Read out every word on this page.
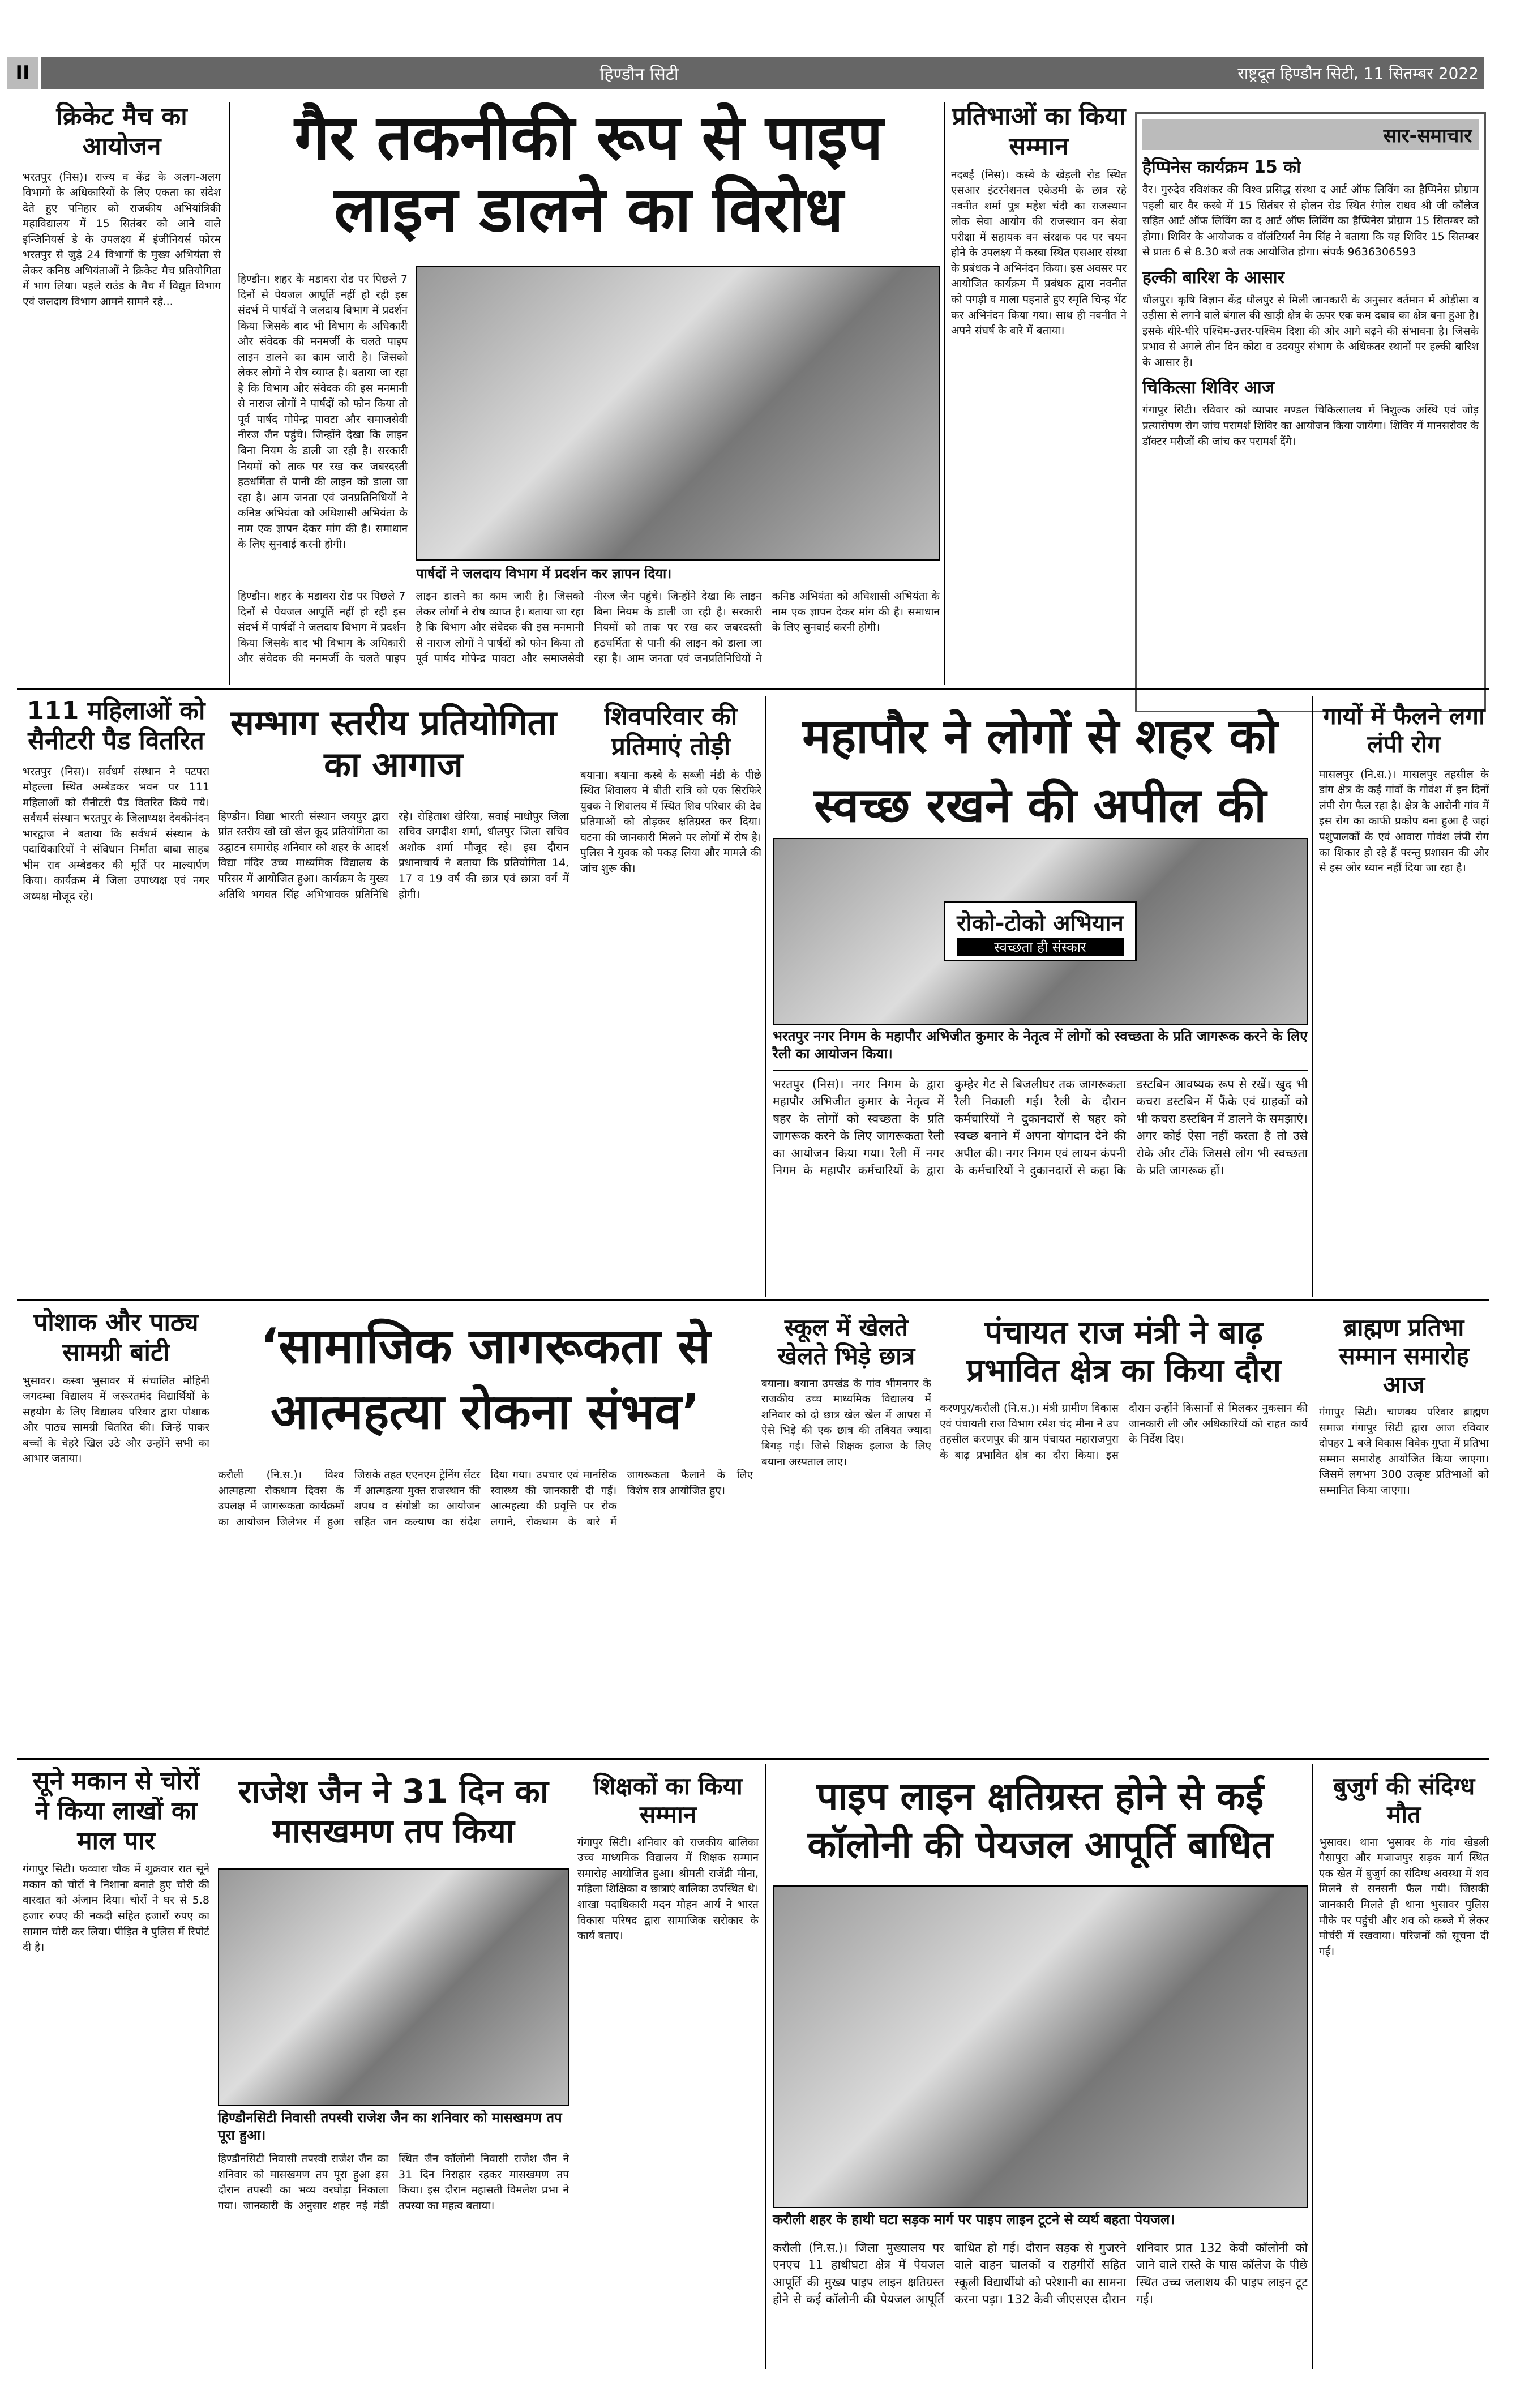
II	हिण्डौन सिटी	राष्ट्रदूत हिण्डौन सिटी, 11 सितम्बर 2022
क्रिकेट मैच का आयोजन
भरतपुर (निस)। राज्य व केंद्र के अलग-अलग विभागों के अधिकारियों के लिए एकता का संदेश देते हुए पनिहार को राजकीय अभियांत्रिकी महाविद्यालय में 15 सितंबर को आने वाले इन्जिनियर्स डे के उपलक्ष्य में इंजीनियर्स फोरम भरतपुर से जुड़े 24 विभागों के मुख्य अभियंता से लेकर कनिष्ठ अभियंताओं ने क्रिकेट मैच प्रतियोगिता में भाग लिया। पहले राउंड के मैच में विद्युत विभाग एवं जलदाय विभाग आमने सामने रहे...
गैर तकनीकी रूप से पाइप लाइन डालने का विरोध
हिण्डौन। शहर के मडावरा रोड पर पिछले 7 दिनों से पेयजल आपूर्ति नहीं हो रही इस संदर्भ में पार्षदों ने जलदाय विभाग में प्रदर्शन किया जिसके बाद भी विभाग के अधिकारी और संवेदक की मनमर्जी के चलते पाइप लाइन डालने का काम जारी है। जिसको लेकर लोगों ने रोष व्याप्त है। बताया जा रहा है कि विभाग और संवेदक की इस मनमानी से नाराज लोगों ने पार्षदों को फोन किया तो पूर्व पार्षद गोपेन्द्र पावटा और समाजसेवी नीरज जैन पहुंचे। जिन्होंने देखा कि लाइन बिना नियम के डाली जा रही है। सरकारी नियमों को ताक पर रख कर जबरदस्ती हठधर्मिता से पानी की लाइन को डाला जा रहा है। आम जनता एवं जनप्रतिनिधियों ने कनिष्ठ अभियंता को अधिशासी अभियंता के नाम एक ज्ञापन देकर मांग की है। समाधान के लिए सुनवाई करनी होगी।
पार्षदों ने जलदाय विभाग में प्रदर्शन कर ज्ञापन दिया।
हिण्डौन। शहर के मडावरा रोड पर पिछले 7 दिनों से पेयजल आपूर्ति नहीं हो रही इस संदर्भ में पार्षदों ने जलदाय विभाग में प्रदर्शन किया जिसके बाद भी विभाग के अधिकारी और संवेदक की मनमर्जी के चलते पाइप लाइन डालने का काम जारी है। जिसको लेकर लोगों ने रोष व्याप्त है। बताया जा रहा है कि विभाग और संवेदक की इस मनमानी से नाराज लोगों ने पार्षदों को फोन किया तो पूर्व पार्षद गोपेन्द्र पावटा और समाजसेवी नीरज जैन पहुंचे। जिन्होंने देखा कि लाइन बिना नियम के डाली जा रही है। सरकारी नियमों को ताक पर रख कर जबरदस्ती हठधर्मिता से पानी की लाइन को डाला जा रहा है। आम जनता एवं जनप्रतिनिधियों ने कनिष्ठ अभियंता को अधिशासी अभियंता के नाम एक ज्ञापन देकर मांग की है। समाधान के लिए सुनवाई करनी होगी।
प्रतिभाओं का किया सम्मान
नदबई (निस)। कस्बे के खेड़ली रोड स्थित एसआर इंटरनेशनल एकेडमी के छात्र रहे नवनीत शर्मा पुत्र महेश चंदी का राजस्थान लोक सेवा आयोग की राजस्थान वन सेवा परीक्षा में सहायक वन संरक्षक पद पर चयन होने के उपलक्ष्य में कस्बा स्थित एसआर संस्था के प्रबंधक ने अभिनंदन किया। इस अवसर पर आयोजित कार्यक्रम में प्रबंधक द्वारा नवनीत को पगड़ी व माला पहनाते हुए स्मृति चिन्ह भेंट कर अभिनंदन किया गया। साथ ही नवनीत ने अपने संघर्ष के बारे में बताया।
सार-समाचार
हैप्पिनेस कार्यक्रम 15 को
वैर। गुरुदेव रविशंकर की विश्व प्रसिद्ध संस्था द आर्ट ऑफ लिविंग का हैप्पिनेस प्रोग्राम पहली बार वैर कस्बे में 15 सितंबर से होलन रोड स्थित रंगोल राधव श्री जी कॉलेज सहित आर्ट ऑफ लिविंग का द आर्ट ऑफ लिविंग का हैप्पिनेस प्रोग्राम 15 सितम्बर को होगा। शिविर के आयोजक व वॉलंटियर्स नेम सिंह ने बताया कि यह शिविर 15 सितम्बर से प्रातः 6 से 8.30 बजे तक आयोजित होगा। संपर्क 9636306593
हल्की बारिश के आसार
धौलपुर। कृषि विज्ञान केंद्र धौलपुर से मिली जानकारी के अनुसार वर्तमान में ओड़ीसा व उड़ीसा से लगने वाले बंगाल की खाड़ी क्षेत्र के ऊपर एक कम दबाव का क्षेत्र बना हुआ है। इसके धीरे-धीरे पश्चिम-उत्तर-पश्चिम दिशा की ओर आगे बढ़ने की संभावना है। जिसके प्रभाव से अगले तीन दिन कोटा व उदयपुर संभाग के अधिकतर स्थानों पर हल्की बारिश के आसार हैं।
चिकित्सा शिविर आज
गंगापुर सिटी। रविवार को व्यापार मण्डल चिकित्सालय में निशुल्क अस्थि एवं जोड़ प्रत्यारोपण रोग जांच परामर्श शिविर का आयोजन किया जायेगा। शिविर में मानसरोवर के डॉक्टर मरीजों की जांच कर परामर्श देंगे।
111 महिलाओं को सैनीटरी पैड वितरित
भरतपुर (निस)। सर्वधर्म संस्थान ने पटपरा मोहल्ला स्थित अम्बेडकर भवन पर 111 महिलाओं को सैनीटरी पैड वितरित किये गये। सर्वधर्म संस्थान भरतपुर के जिलाध्यक्ष देवकीनंदन भारद्वाज ने बताया कि सर्वधर्म संस्थान के पदाधिकारियों ने संविधान निर्माता बाबा साहब भीम राव अम्बेडकर की मूर्ति पर माल्यार्पण किया। कार्यक्रम में जिला उपाध्यक्ष एवं नगर अध्यक्ष मौजूद रहे।
सम्भाग स्तरीय प्रतियोगिता का आगाज
हिण्डौन। विद्या भारती संस्थान जयपुर द्वारा प्रांत स्तरीय खो खो खेल कूद प्रतियोगिता का उद्घाटन समारोह शनिवार को शहर के आदर्श विद्या मंदिर उच्च माध्यमिक विद्यालय के परिसर में आयोजित हुआ। कार्यक्रम के मुख्य अतिथि भगवत सिंह अभिभावक प्रतिनिधि रहे। रोहिताश खेरिया, सवाई माधोपुर जिला सचिव जगदीश शर्मा, धौलपुर जिला सचिव अशोक शर्मा मौजूद रहे। इस दौरान प्रधानाचार्य ने बताया कि प्रतियोगिता 14, 17 व 19 वर्ष की छात्र एवं छात्रा वर्ग में होगी।
शिवपरिवार की प्रतिमाएं तोड़ी
बयाना। बयाना कस्बे के सब्जी मंडी के पीछे स्थित शिवालय में बीती रात्रि को एक सिरफिरे युवक ने शिवालय में स्थित शिव परिवार की देव प्रतिमाओं को तोड़कर क्षतिग्रस्त कर दिया। घटना की जानकारी मिलने पर लोगों में रोष है। पुलिस ने युवक को पकड़ लिया और मामले की जांच शुरू की।
महापौर ने लोगों से शहर को स्वच्छ रखने की अपील की
रोको-टोको अभियान
स्वच्छता ही संस्कार
भरतपुर नगर निगम के महापौर अभिजीत कुमार के नेतृत्व में लोगों को स्वच्छता के प्रति जागरूक करने के लिए रैली का आयोजन किया।
भरतपुर (निस)। नगर निगम के द्वारा महापौर अभिजीत कुमार के नेतृत्व में षहर के लोगों को स्वच्छता के प्रति जागरूक करने के लिए जागरूकता रैली का आयोजन किया गया। रैली में नगर निगम के महापौर कर्मचारियों के द्वारा कुम्हेर गेट से बिजलीघर तक जागरूकता रैली निकाली गई। रैली के दौरान कर्मचारियों ने दुकानदारों से षहर को स्वच्छ बनाने में अपना योगदान देने की अपील की। नगर निगम एवं लायन कंपनी के कर्मचारियों ने दुकानदारों से कहा कि डस्टबिन आवष्यक रूप से रखें। खुद भी कचरा डस्टबिन में फैंके एवं ग्राहकों को भी कचरा डस्टबिन में डालने के समझाएं। अगर कोई ऐसा नहीं करता है तो उसे रोके और टोंके जिससे लोग भी स्वच्छता के प्रति जागरूक हों।
गायों में फैलने लगा लंपी रोग
मासलपुर (नि.स.)। मासलपुर तहसील के डांग क्षेत्र के कई गांवों के गोवंश में इन दिनों लंपी रोग फैल रहा है। क्षेत्र के आरोनी गांव में इस रोग का काफी प्रकोप बना हुआ है जहां पशुपालकों के एवं आवारा गोवंश लंपी रोग का शिकार हो रहे हैं परन्तु प्रशासन की ओर से इस ओर ध्यान नहीं दिया जा रहा है।
पोशाक और पाठ्य सामग्री बांटी
भुसावर। कस्बा भुसावर में संचालित मोहिनी जगदम्बा विद्यालय में जरूरतमंद विद्यार्थियों के सहयोग के लिए विद्यालय परिवार द्वारा पोशाक और पाठ्य सामग्री वितरित की। जिन्हें पाकर बच्चों के चेहरे खिल उठे और उन्होंने सभी का आभार जताया।
‘सामाजिक जागरूकता से आत्महत्या रोकना संभव’
करौली (नि.स.)। विश्व आत्महत्या रोकथाम दिवस के उपलक्ष में जागरूकता कार्यक्रमों का आयोजन जिलेभर में हुआ जिसके तहत एएनएम ट्रेनिंग सेंटर में आत्महत्या मुक्त राजस्थान की शपथ व संगोष्ठी का आयोजन सहित जन कल्याण का संदेश दिया गया। उपचार एवं मानसिक स्वास्थ्य की जानकारी दी गई। आत्महत्या की प्रवृत्ति पर रोक लगाने, रोकथाम के बारे में जागरूकता फैलाने के लिए विशेष सत्र आयोजित हुए।
स्कूल में खेलते खेलते भिड़े छात्र
बयाना। बयाना उपखंड के गांव भीमनगर के राजकीय उच्च माध्यमिक विद्यालय में शनिवार को दो छात्र खेल खेल में आपस में ऐसे भिड़े की एक छात्र की तबियत ज्यादा बिगड़ गई। जिसे शिक्षक इलाज के लिए बयाना अस्पताल लाए।
पंचायत राज मंत्री ने बाढ़ प्रभावित क्षेत्र का किया दौरा
करणपुर/करौली (नि.स.)। मंत्री ग्रामीण विकास एवं पंचायती राज विभाग रमेश चंद मीना ने उप तहसील करणपुर की ग्राम पंचायत महाराजपुरा के बाढ़ प्रभावित क्षेत्र का दौरा किया। इस दौरान उन्होंने किसानों से मिलकर नुकसान की जानकारी ली और अधिकारियों को राहत कार्य के निर्देश दिए।
ब्राह्मण प्रतिभा सम्मान समारोह आज
गंगापुर सिटी। चाणक्य परिवार ब्राह्मण समाज गंगापुर सिटी द्वारा आज रविवार दोपहर 1 बजे विकास विवेक गुप्ता में प्रतिभा सम्मान समारोह आयोजित किया जाएगा। जिसमें लगभग 300 उत्कृष्ट प्रतिभाओं को सम्मानित किया जाएगा।
सूने मकान से चोरों ने किया लाखों का माल पार
गंगापुर सिटी। फव्वारा चौक में शुक्रवार रात सूने मकान को चोरों ने निशाना बनाते हुए चोरी की वारदात को अंजाम दिया। चोरों ने घर से 5.8 हजार रुपए की नकदी सहित हजारों रुपए का सामान चोरी कर लिया। पीड़ित ने पुलिस में रिपोर्ट दी है।
राजेश जैन ने 31 दिन का मासखमण तप किया
हिण्डौनसिटी निवासी तपस्वी राजेश जैन का शनिवार को मासखमण तप पूरा हुआ।
हिण्डौनसिटी निवासी तपस्वी राजेश जैन का शनिवार को मासखमण तप पूरा हुआ इस दौरान तपस्वी का भव्य वरघोड़ा निकाला गया। जानकारी के अनुसार शहर नई मंडी स्थित जैन कॉलोनी निवासी राजेश जैन ने 31 दिन निराहार रहकर मासखमण तप किया। इस दौरान महासती विमलेश प्रभा ने तपस्या का महत्व बताया।
शिक्षकों का किया सम्मान
गंगापुर सिटी। शनिवार को राजकीय बालिका उच्च माध्यमिक विद्यालय में शिक्षक सम्मान समारोह आयोजित हुआ। श्रीमती राजेंद्री मीना, महिला शिक्षिका व छात्राएं बालिका उपस्थित थे। शाखा पदाधिकारी मदन मोहन आर्य ने भारत विकास परिषद द्वारा सामाजिक सरोकार के कार्य बताए।
पाइप लाइन क्षतिग्रस्त होने से कई कॉलोनी की पेयजल आपूर्ति बाधित
करौली शहर के हाथी घटा सड़क मार्ग पर पाइप लाइन टूटने से व्यर्थ बहता पेयजल।
करौली (नि.स.)। जिला मुख्यालय पर एनएच 11 हाथीघटा क्षेत्र में पेयजल आपूर्ति की मुख्य पाइप लाइन क्षतिग्रस्त होने से कई कॉलोनी की पेयजल आपूर्ति बाधित हो गई। दौरान सड़क से गुजरने वाले वाहन चालकों व राहगीरों सहित स्कूली विद्यार्थीयो को परेशानी का सामना करना पड़ा। 132 केवी जीएसएस दौरान शनिवार प्रात 132 केवी कॉलोनी को जाने वाले रास्ते के पास कॉलेज के पीछे स्थित उच्च जलाशय की पाइप लाइन टूट गई।
बुजुर्ग की संदिग्ध मौत
भुसावर। थाना भुसावर के गांव खेडली गैसापुरा और मजाजपुर सड़क मार्ग स्थित एक खेत में बुजुर्ग का संदिग्ध अवस्था में शव मिलने से सनसनी फैल गयी। जिसकी जानकारी मिलते ही थाना भुसावर पुलिस मौके पर पहुंची और शव को कब्जे में लेकर मोर्चरी में रखवाया। परिजनों को सूचना दी गई।
